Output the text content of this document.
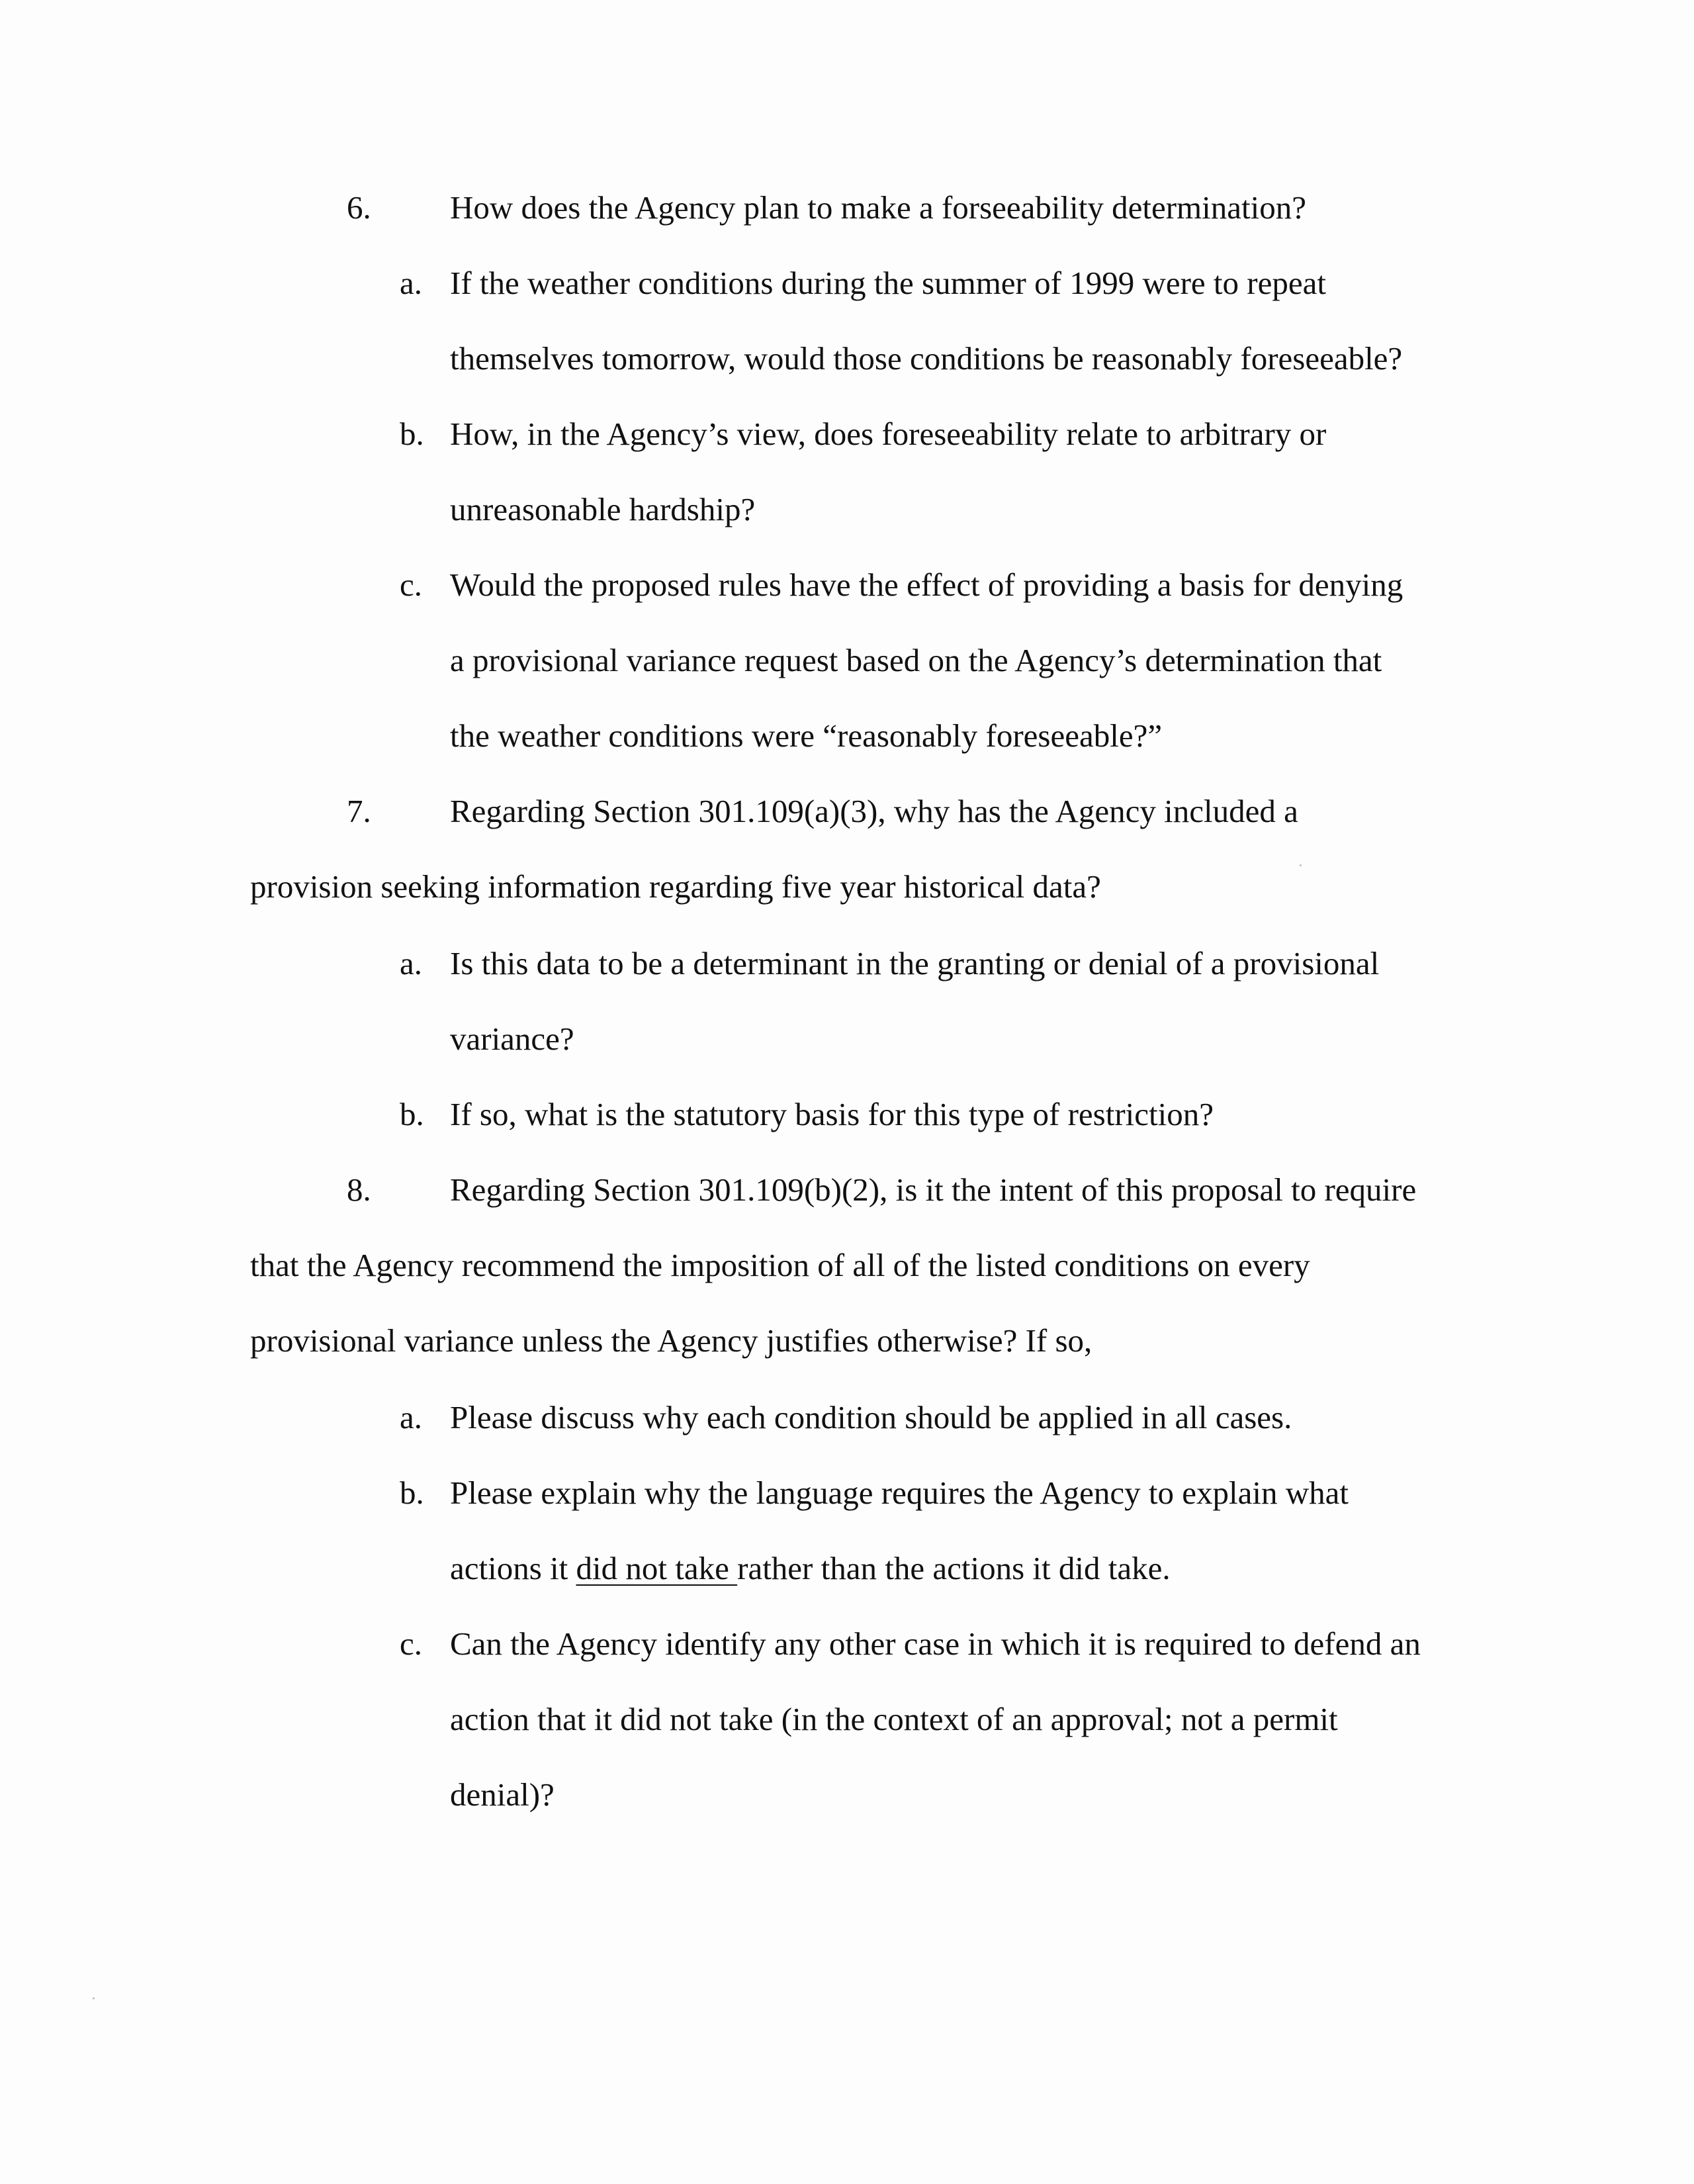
6. How does the Agency plan to make a forseeability determination?
a. If the weather conditions during the summer of 1999 were to repeat
themselves tomorrow, would those conditions be reasonably foreseeable?
b. How, in the Agency’s view, does foreseeability relate to arbitrary or
unreasonable hardship?
c. Would the proposed rules have the effect of providing a basis for denying
a provisional variance request based on the Agency’s determination that
the weather conditions were “reasonably foreseeable?”
7. Regarding Section 301.109(a)(3), why has the Agency included a
provision seeking information regarding five year historical data?
a. Is this data to be a determinant in the granting or denial of a provisional
variance?
b. If so, what is the statutory basis for this type of restriction?
8. Regarding Section 301.109(b)(2), is it the intent of this proposal to require
that the Agency recommend the imposition of all of the listed conditions on every
provisional variance unless the Agency justifies otherwise? If so,
a. Please discuss why each condition should be applied in all cases.
b. Please explain why the language requires the Agency to explain what
actions it did not take rather than the actions it did take.
c. Can the Agency identify any other case in which it is required to defend an
action that it did not take (in the context of an approval; not a permit
denial)?
